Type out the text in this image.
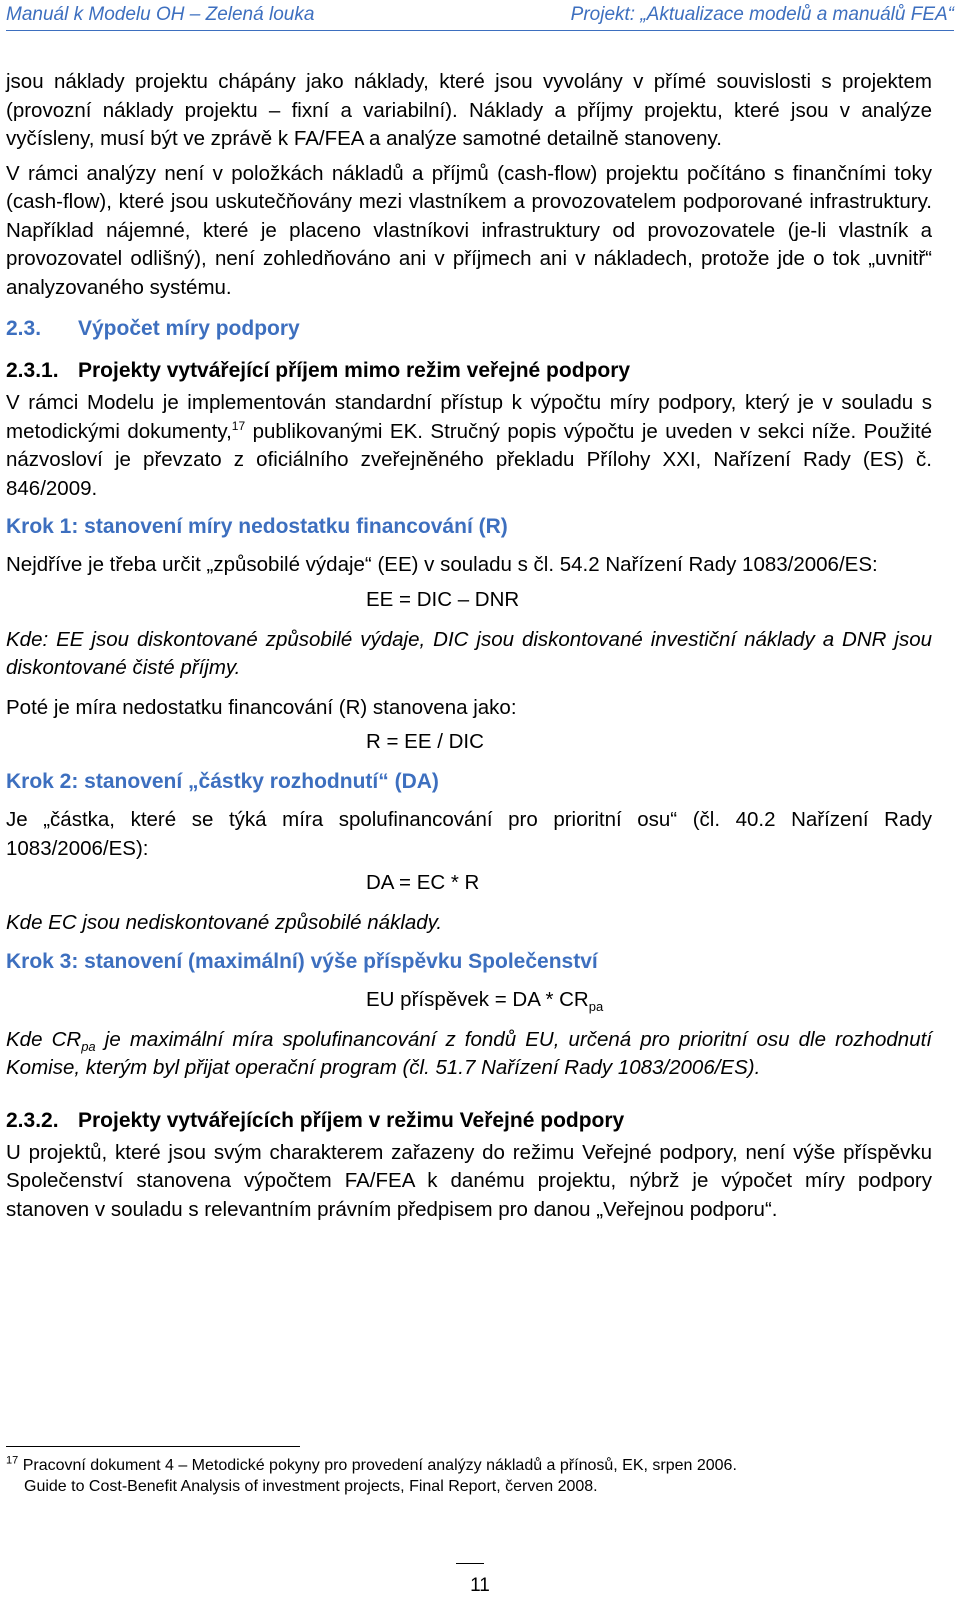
Manuál k Modelu OH – Zelená louka	Projekt: „Aktualizace modelů a manuálů FEA“

jsou náklady projektu chápány jako náklady, které jsou vyvolány v přímé souvislosti s projektem (provozní náklady projektu – fixní a variabilní). Náklady a příjmy projektu, které jsou v analýze vyčísleny, musí být ve zprávě k FA/FEA a analýze samotné detailně stanoveny.

V rámci analýzy není v položkách nákladů a příjmů (cash-flow) projektu počítáno s finančními toky (cash-flow), které jsou uskutečňovány mezi vlastníkem a provozovatelem podporované infrastruktury. Například nájemné, které je placeno vlastníkovi infrastruktury od provozovatele (je-li vlastník a provozovatel odlišný), není zohledňováno ani v příjmech ani v nákladech, protože jde o tok „uvnitř“ analyzovaného systému.

2.3. Výpočet míry podpory
2.3.1. Projekty vytvářející příjem mimo režim veřejné podpory

V rámci Modelu je implementován standardní přístup k výpočtu míry podpory, který je v souladu s metodickými dokumenty,$^{17}$ publikovanými EK. Stručný popis výpočtu je uveden v sekci níže. Použité názvosloví je převzato z oficiálního zveřejněného překladu Přílohy XXI, Nařízení Rady (ES) č. 846/2009.

Krok 1: stanovení míry nedostatku financování (R)

Nejdříve je třeba určit „způsobilé výdaje“ (EE) v souladu s čl. 54.2 Nařízení Rady 1083/2006/ES:

EE = DIC – DNR

Kde: EE jsou diskontované způsobilé výdaje, DIC jsou diskontované investiční náklady a DNR jsou diskontované čisté příjmy.

Poté je míra nedostatku financování (R) stanovena jako:

R = EE / DIC
Krok 2: stanovení „částky rozhodnutí“ (DA)

Je „částka, které se týká míra spolufinancování pro prioritní osu“ (čl. 40.2 Nařízení Rady 1083/2006/ES):

DA = EC * R

Kde EC jsou nediskontované způsobilé náklady.

Krok 3: stanovení (maximální) výše příspěvku Společenství
EU příspěvek = DA * $CR_{pa}$

Kde $CR_{pa}$ je maximální míra spolufinancování z fondů EU, určená pro prioritní osu dle rozhodnutí Komise, kterým byl přijat operační program (čl. 51.7 Nařízení Rady 1083/2006/ES).

2.3.2. Projekty vytvářejících příjem v režimu Veřejné podpory

U projektů, které jsou svým charakterem zařazeny do režimu Veřejné podpory, není výše příspěvku Společenství stanovena výpočtem FA/FEA k danému projektu, nýbrž je výpočet míry podpory stanoven v souladu s relevantním právním předpisem pro danou „Veřejnou podporu“.

$^{17}$ Pracovní dokument 4 – Metodické pokyny pro provedení analýzy nákladů a přínosů, EK, srpen 2006.
Guide to Cost-Benefit Analysis of investment projects, Final Report, červen 2008.
11
